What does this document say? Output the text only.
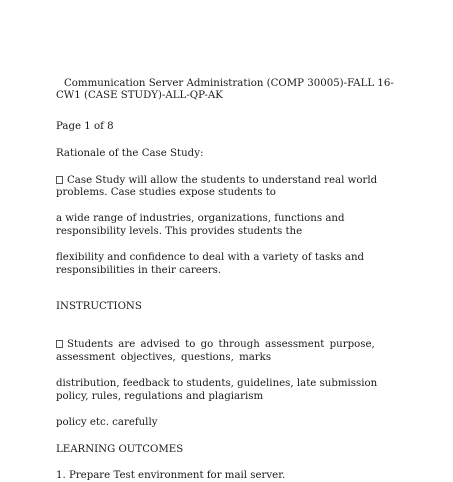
Communication Server Administration (COMP 30005)-FALL 16-CW1 (CASE STUDY)-ALL-QP-AK

Page 1 of 8

Rationale of the Case Study:

Case Study will allow the students to understand real world problems. Case studies expose students to

a wide range of industries, organizations, functions and responsibility levels. This provides students the

flexibility and confidence to deal with a variety of tasks and responsibilities in their careers.

INSTRUCTIONS

Students are advised to go through assessment purpose, assessment objectives, questions, marks

distribution, feedback to students, guidelines, late submission policy, rules, regulations and plagiarism

policy etc. carefully

LEARNING OUTCOMES

1. Prepare Test environment for mail server.
